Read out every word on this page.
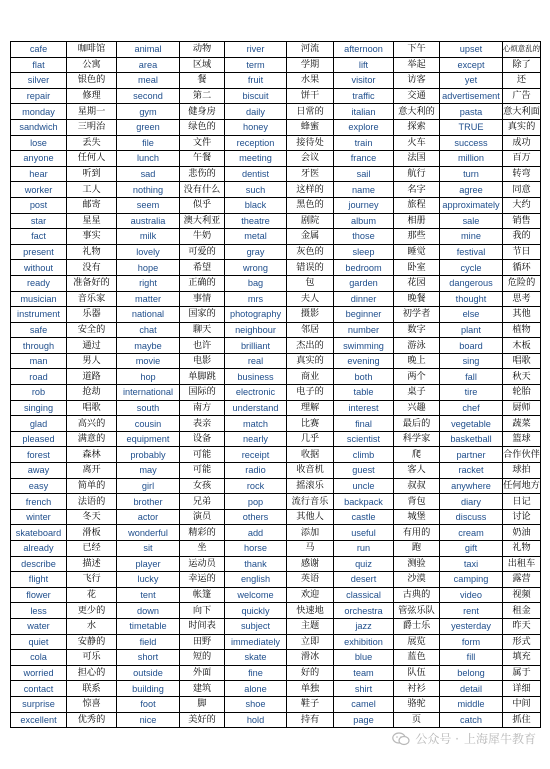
cafe	咖啡馆	animal	动物	river	河流	afternoon	下午	upset	心烦意乱的
flat	公寓	area	区域	term	学期	lift	举起	except	除了
silver	银色的	meal	餐	fruit	水果	visitor	访客	yet	还
repair	修理	second	第二	biscuit	饼干	traffic	交通	advertisement	广告
monday	星期一	gym	健身房	daily	日常的	italian	意大利的	pasta	意大利面
sandwich	三明治	green	绿色的	honey	蜂蜜	explore	探索	TRUE	真实的
lose	丢失	file	文件	reception	接待处	train	火车	success	成功
anyone	任何人	lunch	午餐	meeting	会议	france	法国	million	百万
hear	听到	sad	悲伤的	dentist	牙医	sail	航行	turn	转弯
worker	工人	nothing	没有什么	such	这样的	name	名字	agree	同意
post	邮寄	seem	似乎	black	黑色的	journey	旅程	approximately	大约
star	星星	australia	澳大利亚	theatre	剧院	album	相册	sale	销售
fact	事实	milk	牛奶	metal	金属	those	那些	mine	我的
present	礼物	lovely	可爱的	gray	灰色的	sleep	睡觉	festival	节日
without	没有	hope	希望	wrong	错误的	bedroom	卧室	cycle	循环
ready	准备好的	right	正确的	bag	包	garden	花园	dangerous	危险的
musician	音乐家	matter	事情	mrs	夫人	dinner	晚餐	thought	思考
instrument	乐器	national	国家的	photography	摄影	beginner	初学者	else	其他
safe	安全的	chat	聊天	neighbour	邻居	number	数字	plant	植物
through	通过	maybe	也许	brilliant	杰出的	swimming	游泳	board	木板
man	男人	movie	电影	real	真实的	evening	晚上	sing	唱歌
road	道路	hop	单脚跳	business	商业	both	两个	fall	秋天
rob	抢劫	international	国际的	electronic	电子的	table	桌子	tire	轮胎
singing	唱歌	south	南方	understand	理解	interest	兴趣	chef	厨师
glad	高兴的	cousin	表亲	match	比赛	final	最后的	vegetable	蔬菜
pleased	满意的	equipment	设备	nearly	几乎	scientist	科学家	basketball	篮球
forest	森林	probably	可能	receipt	收据	climb	爬	partner	合作伙伴
away	离开	may	可能	radio	收音机	guest	客人	racket	球拍
easy	简单的	girl	女孩	rock	摇滚乐	uncle	叔叔	anywhere	任何地方
french	法语的	brother	兄弟	pop	流行音乐	backpack	背包	diary	日记
winter	冬天	actor	演员	others	其他人	castle	城堡	discuss	讨论
skateboard	滑板	wonderful	精彩的	add	添加	useful	有用的	cream	奶油
already	已经	sit	坐	horse	马	run	跑	gift	礼物
describe	描述	player	运动员	thank	感谢	quiz	测验	taxi	出租车
flight	飞行	lucky	幸运的	english	英语	desert	沙漠	camping	露营
flower	花	tent	帐篷	welcome	欢迎	classical	古典的	video	视频
less	更少的	down	向下	quickly	快速地	orchestra	管弦乐队	rent	租金
water	水	timetable	时间表	subject	主题	jazz	爵士乐	yesterday	昨天
quiet	安静的	field	田野	immediately	立即	exhibition	展览	form	形式
cola	可乐	short	短的	skate	滑冰	blue	蓝色	fill	填充
worried	担心的	outside	外面	fine	好的	team	队伍	belong	属于
contact	联系	building	建筑	alone	单独	shirt	衬衫	detail	详细
surprise	惊喜	foot	脚	shoe	鞋子	camel	骆驼	middle	中间
excellent	优秀的	nice	美好的	hold	持有	page	页	catch	抓住
公众号 · 上海犀牛教育
